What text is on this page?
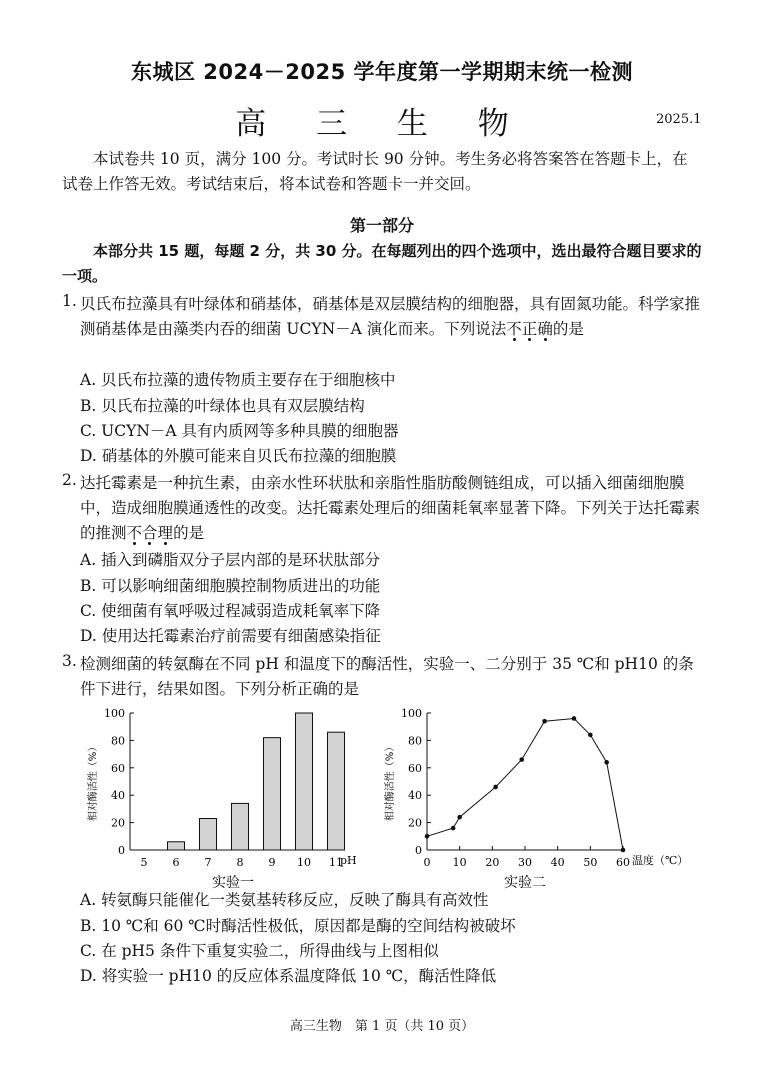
东城区 2024－2025 学年度第一学期期末统一检测
高 三 生 物	2025.1
本试卷共 10 页，满分 100 分。考试时长 90 分钟。考生务必将答案答在答题卡上，在试卷上作答无效。考试结束后，将本试卷和答题卡一并交回。
第一部分
本部分共 15 题，每题 2 分，共 30 分。在每题列出的四个选项中，选出最符合题目要求的一项。
1. 贝氏布拉藻具有叶绿体和硝基体，硝基体是双层膜结构的细胞器，具有固氮功能。科学家推测硝基体是由藻类内吞的细菌 UCYN－A 演化而来。下列说法不正确的是
A. 贝氏布拉藻的遗传物质主要存在于细胞核中
B. 贝氏布拉藻的叶绿体也具有双层膜结构
C. UCYN－A 具有内质网等多种具膜的细胞器
D. 硝基体的外膜可能来自贝氏布拉藻的细胞膜
2. 达托霉素是一种抗生素，由亲水性环状肽和亲脂性脂肪酸侧链组成，可以插入细菌细胞膜中，造成细胞膜通透性的改变。达托霉素处理后的细菌耗氧率显著下降。下列关于达托霉素的推测不合理的是
A. 插入到磷脂双分子层内部的是环状肽部分
B. 可以影响细菌细胞膜控制物质进出的功能
C. 使细菌有氧呼吸过程减弱造成耗氧率下降
D. 使用达托霉素治疗前需要有细菌感染指征
3. 检测细菌的转氨酶在不同 pH 和温度下的酶活性，实验一、二分别于 35 ℃和 pH10 的条件下进行，结果如图。下列分析正确的是
0
20
40
60
80
100
5 6 7 8 9 10 11
pH
相对酶活性（%）
实验一
0
20
40
60
80
100
0 10 20 30 40 50 60 温度（℃）
相对酶活性（%）
实验二
A. 转氨酶只能催化一类氨基转移反应，反映了酶具有高效性
B. 10 ℃和 60 ℃时酶活性极低，原因都是酶的空间结构被破坏
C. 在 pH5 条件下重复实验二，所得曲线与上图相似
D. 将实验一 pH10 的反应体系温度降低 10 ℃，酶活性降低
高三生物　第 1 页（共 10 页）
